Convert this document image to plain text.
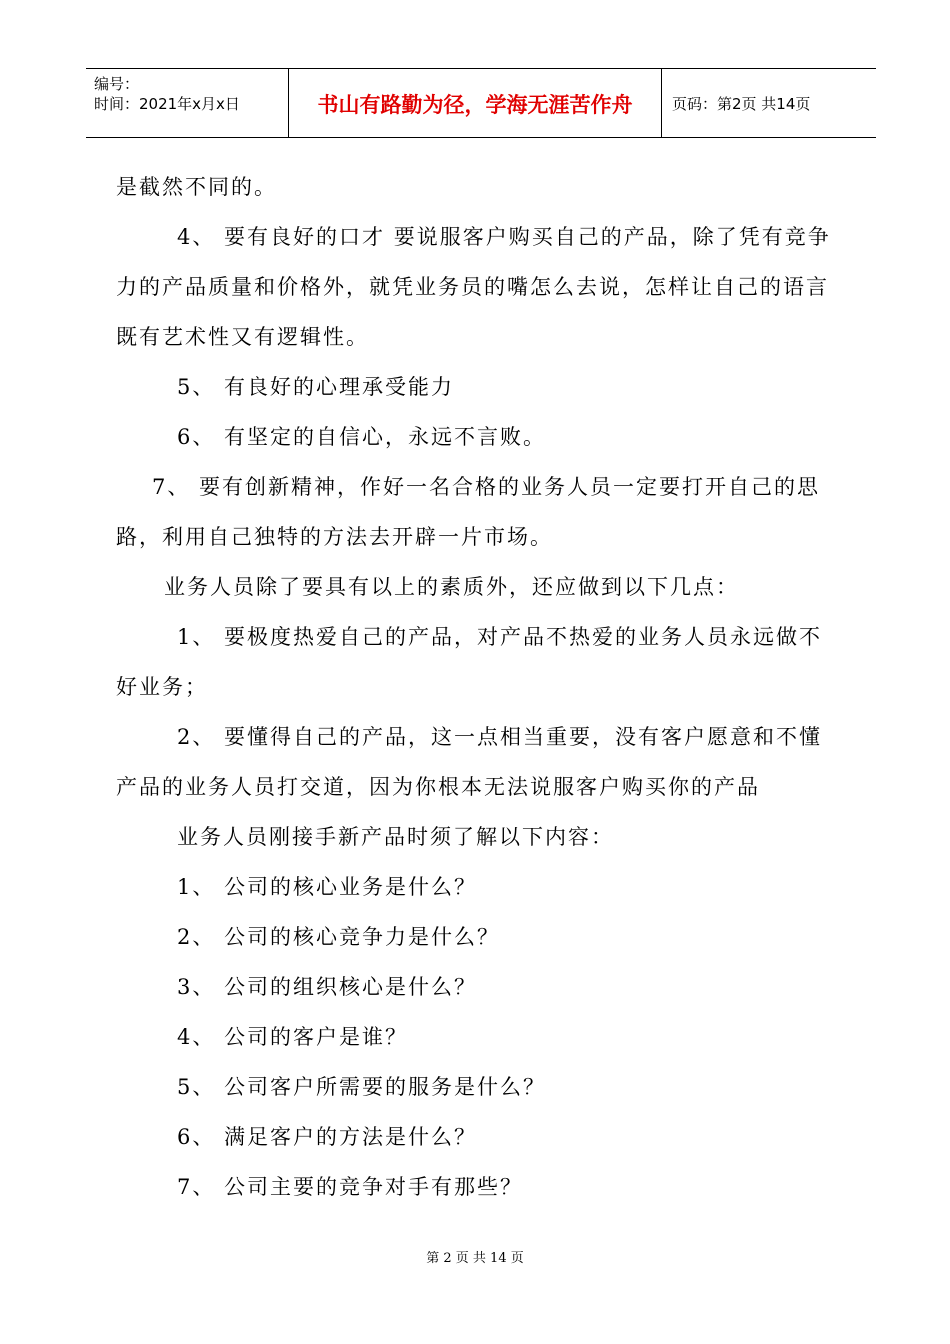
编号：
时间：2021年x月x日	书山有路勤为径，学海无涯苦作舟	页码：第2页 共14页
是截然不同的。
4、 要有良好的口才 要说服客户购买自己的产品，除了凭有竞争
力的产品质量和价格外，就凭业务员的嘴怎么去说，怎样让自己的语言
既有艺术性又有逻辑性。
5、 有良好的心理承受能力
6、 有坚定的自信心，永远不言败。
7、 要有创新精神，作好一名合格的业务人员一定要打开自己的思
路，利用自己独特的方法去开辟一片市场。
业务人员除了要具有以上的素质外，还应做到以下几点：
1、 要极度热爱自己的产品，对产品不热爱的业务人员永远做不
好业务；
2、 要懂得自己的产品，这一点相当重要，没有客户愿意和不懂
产品的业务人员打交道，因为你根本无法说服客户购买你的产品
业务人员刚接手新产品时须了解以下内容：
1、 公司的核心业务是什么？
2、 公司的核心竞争力是什么？
3、 公司的组织核心是什么？
4、 公司的客户是谁？
5、 公司客户所需要的服务是什么？
6、 满足客户的方法是什么？
7、 公司主要的竞争对手有那些？
第 2 页 共 14 页
